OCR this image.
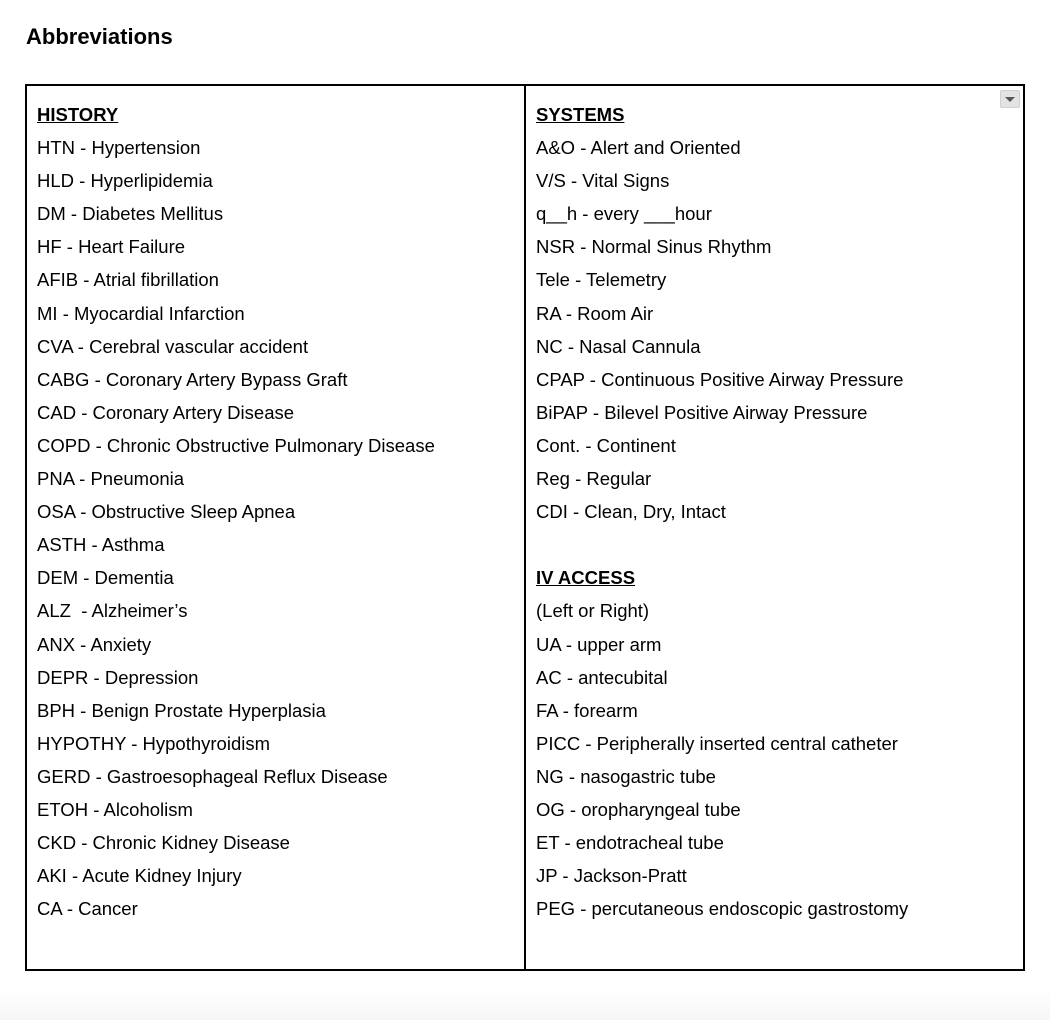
Abbreviations
HISTORY
HTN - Hypertension
HLD - Hyperlipidemia
DM - Diabetes Mellitus
HF - Heart Failure
AFIB - Atrial fibrillation
MI - Myocardial Infarction
CVA - Cerebral vascular accident
CABG - Coronary Artery Bypass Graft
CAD - Coronary Artery Disease
COPD - Chronic Obstructive Pulmonary Disease
PNA - Pneumonia
OSA - Obstructive Sleep Apnea
ASTH - Asthma
DEM - Dementia
ALZ  - Alzheimer’s
ANX - Anxiety
DEPR - Depression
BPH - Benign Prostate Hyperplasia
HYPOTHY - Hypothyroidism
GERD - Gastroesophageal Reflux Disease
ETOH - Alcoholism
CKD - Chronic Kidney Disease
AKI - Acute Kidney Injury
CA - Cancer
SYSTEMS
A&O - Alert and Oriented
V/S - Vital Signs
q__h - every ___hour
NSR - Normal Sinus Rhythm
Tele - Telemetry
RA - Room Air
NC - Nasal Cannula
CPAP - Continuous Positive Airway Pressure
BiPAP - Bilevel Positive Airway Pressure
Cont. - Continent
Reg - Regular
CDI - Clean, Dry, Intact
IV ACCESS
(Left or Right)
UA - upper arm
AC - antecubital
FA - forearm
PICC - Peripherally inserted central catheter
NG - nasogastric tube
OG - oropharyngeal tube
ET - endotracheal tube
JP - Jackson-Pratt
PEG - percutaneous endoscopic gastrostomy
